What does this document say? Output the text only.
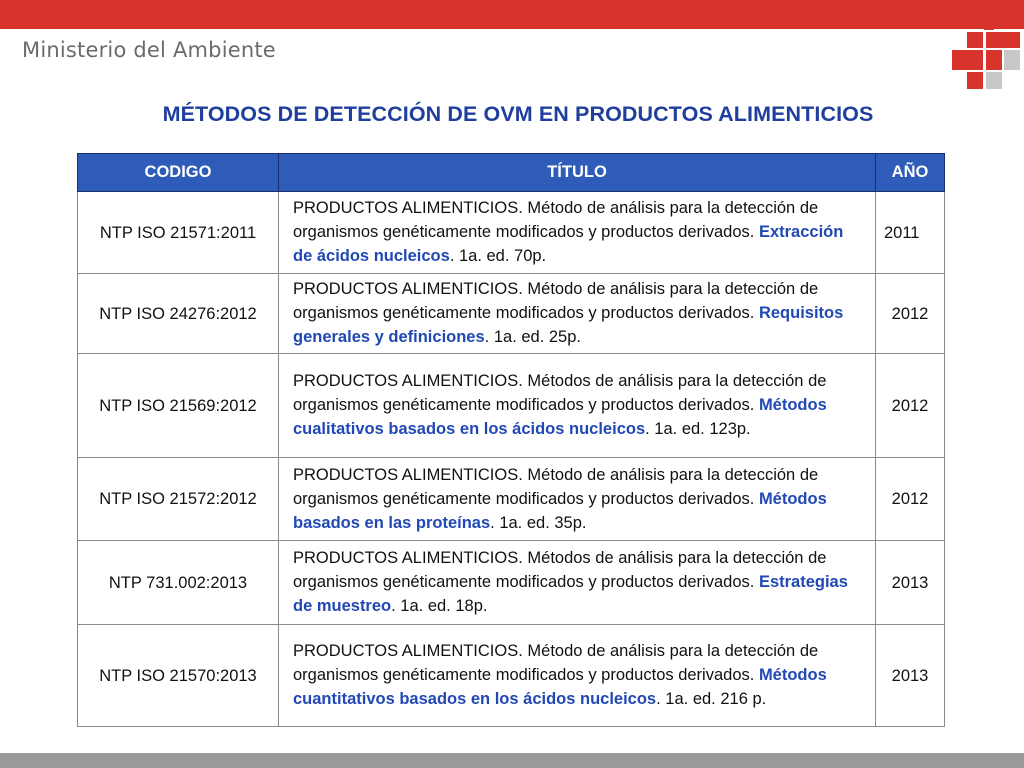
Ministerio del Ambiente
MÉTODOS DE DETECCIÓN DE OVM EN PRODUCTOS ALIMENTICIOS
CODIGO	TÍTULO	AÑO
NTP ISO 21571:2011	PRODUCTOS ALIMENTICIOS. Método de análisis para la detección de organismos genéticamente modificados y productos derivados. Extracción de ácidos nucleicos. 1a. ed. 70p.	2011
NTP ISO 24276:2012	PRODUCTOS ALIMENTICIOS. Método de análisis para la detección de organismos genéticamente modificados y productos derivados. Requisitos generales y definiciones. 1a. ed. 25p.	2012
NTP ISO 21569:2012	PRODUCTOS ALIMENTICIOS. Métodos de análisis para la detección de organismos genéticamente modificados y productos derivados. Métodos cualitativos basados en los ácidos nucleicos. 1a. ed. 123p.	2012
NTP ISO 21572:2012	PRODUCTOS ALIMENTICIOS. Método de análisis para la detección de organismos genéticamente modificados y productos derivados. Métodos basados en las proteínas. 1a. ed. 35p.	2012
NTP 731.002:2013	PRODUCTOS ALIMENTICIOS. Métodos de análisis para la detección de organismos genéticamente modificados y productos derivados. Estrategias de muestreo. 1a. ed. 18p.	2013
NTP ISO 21570:2013	PRODUCTOS ALIMENTICIOS. Método de análisis para la detección de organismos genéticamente modificados y productos derivados. Métodos cuantitativos basados en los ácidos nucleicos. 1a. ed. 216 p.	2013
